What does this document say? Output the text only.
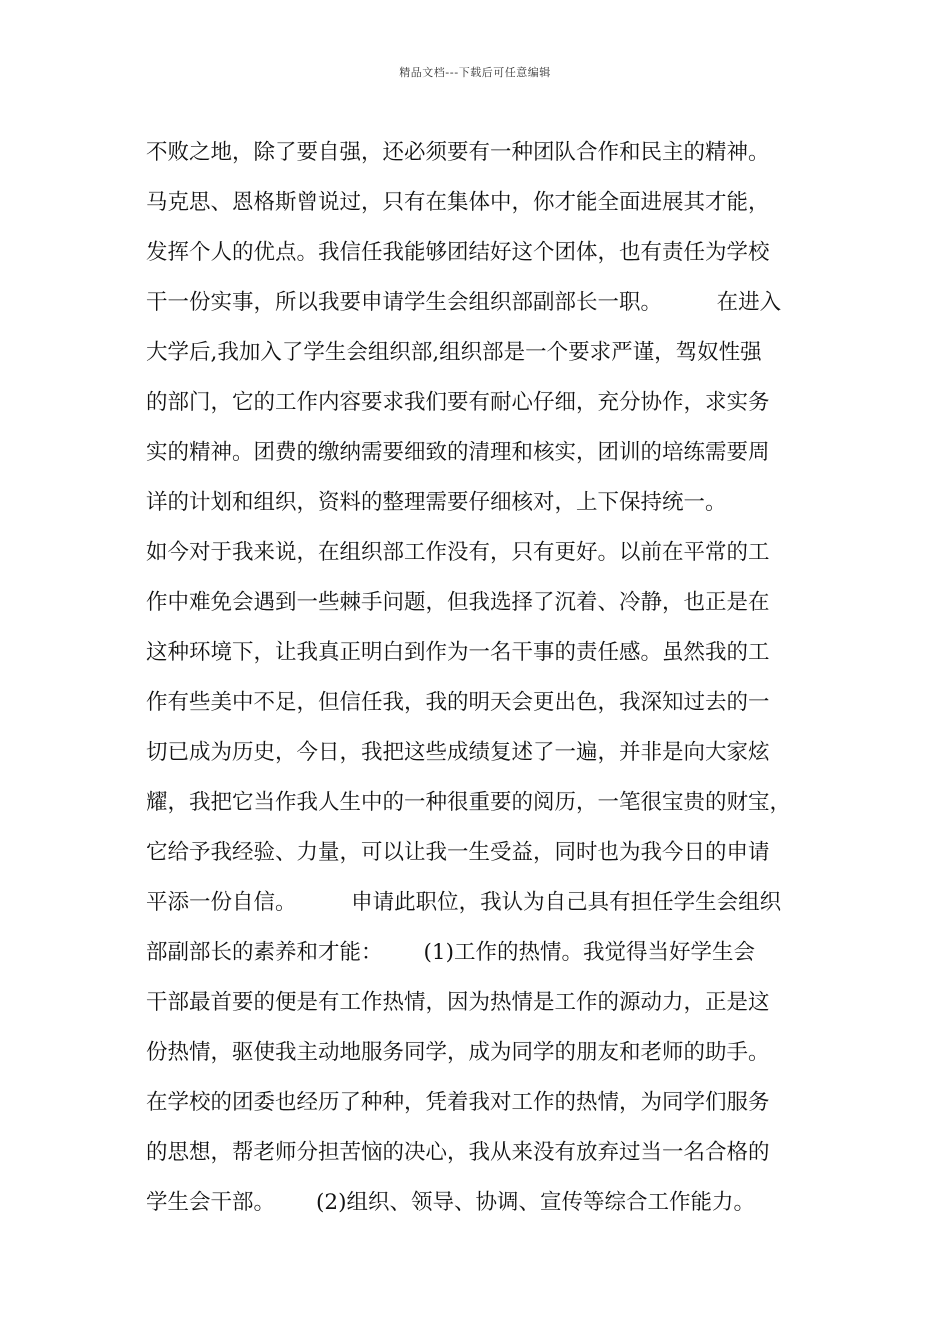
精品文档---下载后可任意编辑
不败之地，除了要自强，还必须要有一种团队合作和民主的精神。
马克思、恩格斯曾说过，只有在集体中，你才能全面进展其才能，
发挥个人的优点。我信任我能够团结好这个团体，也有责任为学校
干一份实事，所以我要申请学生会组织部副部长一职。        在进入
大学后,我加入了学生会组织部,组织部是一个要求严谨，驾奴性强
的部门，它的工作内容要求我们要有耐心仔细，充分协作，求实务
实的精神。团费的缴纳需要细致的清理和核实，团训的培练需要周
详的计划和组织，资料的整理需要仔细核对，上下保持统一。
如今对于我来说，在组织部工作没有，只有更好。以前在平常的工
作中难免会遇到一些棘手问题，但我选择了沉着、冷静，也正是在
这种环境下，让我真正明白到作为一名干事的责任感。虽然我的工
作有些美中不足，但信任我，我的明天会更出色，我深知过去的一
切已成为历史，今日，我把这些成绩复述了一遍，并非是向大家炫
耀，我把它当作我人生中的一种很重要的阅历，一笔很宝贵的财宝，
它给予我经验、力量，可以让我一生受益，同时也为我今日的申请
平添一份自信。        申请此职位，我认为自己具有担任学生会组织
部副部长的素养和才能：      (1)工作的热情。我觉得当好学生会
干部最首要的便是有工作热情，因为热情是工作的源动力，正是这
份热情，驱使我主动地服务同学，成为同学的朋友和老师的助手。
在学校的团委也经历了种种，凭着我对工作的热情，为同学们服务
的思想，帮老师分担苦恼的决心，我从来没有放弃过当一名合格的
学生会干部。      (2)组织、领导、协调、宣传等综合工作能力。
